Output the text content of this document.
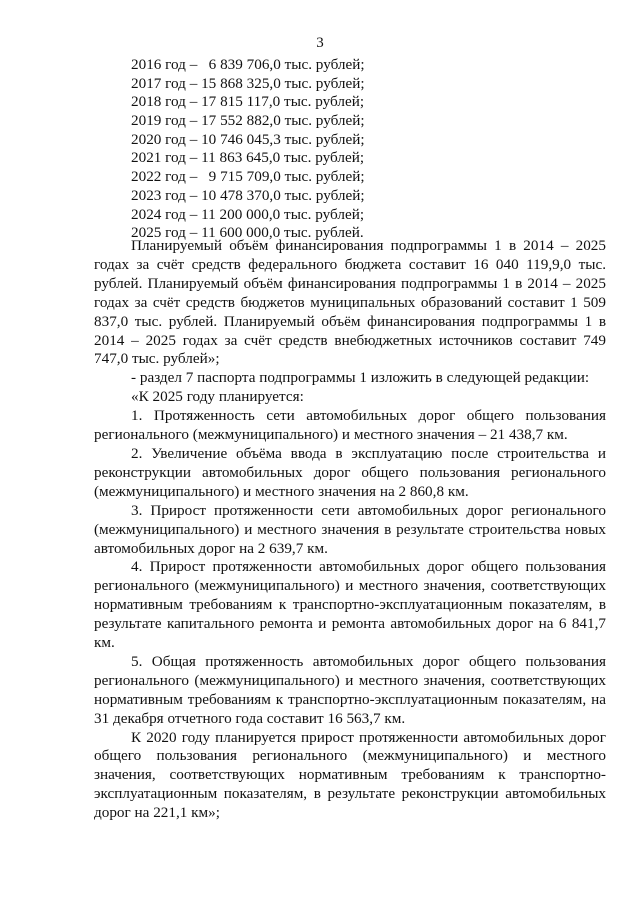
3
2016 год –   6 839 706,0 тыс. рублей;
2017 год – 15 868 325,0 тыс. рублей;
2018 год – 17 815 117,0 тыс. рублей;
2019 год – 17 552 882,0 тыс. рублей;
2020 год – 10 746 045,3 тыс. рублей;
2021 год – 11 863 645,0 тыс. рублей;
2022 год –   9 715 709,0 тыс. рублей;
2023 год – 10 478 370,0 тыс. рублей;
2024 год – 11 200 000,0 тыс. рублей;
2025 год – 11 600 000,0 тыс. рублей.

Планируемый объём финансирования подпрограммы 1 в 2014 – 2025 годах за счёт средств федерального бюджета составит 16 040 119,9,0 тыс. рублей. Планируемый объём финансирования подпрограммы 1 в 2014 – 2025 годах за счёт средств бюджетов муниципальных образований составит 1 509 837,0 тыс. рублей. Планируемый объём финансирования подпрограммы 1 в 2014 – 2025 годах за счёт средств внебюджетных источников составит 749 747,0 тыс. рублей»;

- раздел 7 паспорта подпрограммы 1 изложить в следующей редакции:

«К 2025 году планируется:

1. Протяженность сети автомобильных дорог общего пользования регионального (межмуниципального) и местного значения – 21 438,7 км.

2. Увеличение объёма ввода в эксплуатацию после строительства и реконструкции автомобильных дорог общего пользования регионального (межмуниципального) и местного значения на 2 860,8 км.

3. Прирост протяженности сети автомобильных дорог регионального (межмуниципального) и местного значения в результате строительства новых автомобильных дорог на 2 639,7 км.

4. Прирост протяженности автомобильных дорог общего пользования регионального (межмуниципального) и местного значения, соответствующих нормативным требованиям к транспортно-эксплуатационным показателям, в результате капитального ремонта и ремонта автомобильных дорог на 6 841,7 км.

5. Общая протяженность автомобильных дорог общего пользования регионального (межмуниципального) и местного значения, соответствующих нормативным требованиям к транспортно-эксплуатационным показателям, на 31 декабря отчетного года составит 16 563,7 км.

К 2020 году планируется прирост протяженности автомобильных дорог общего пользования регионального (межмуниципального) и местного значения, соответствующих нормативным требованиям к транспортно-эксплуатационным показателям, в результате реконструкции автомобильных дорог на 221,1 км»;
